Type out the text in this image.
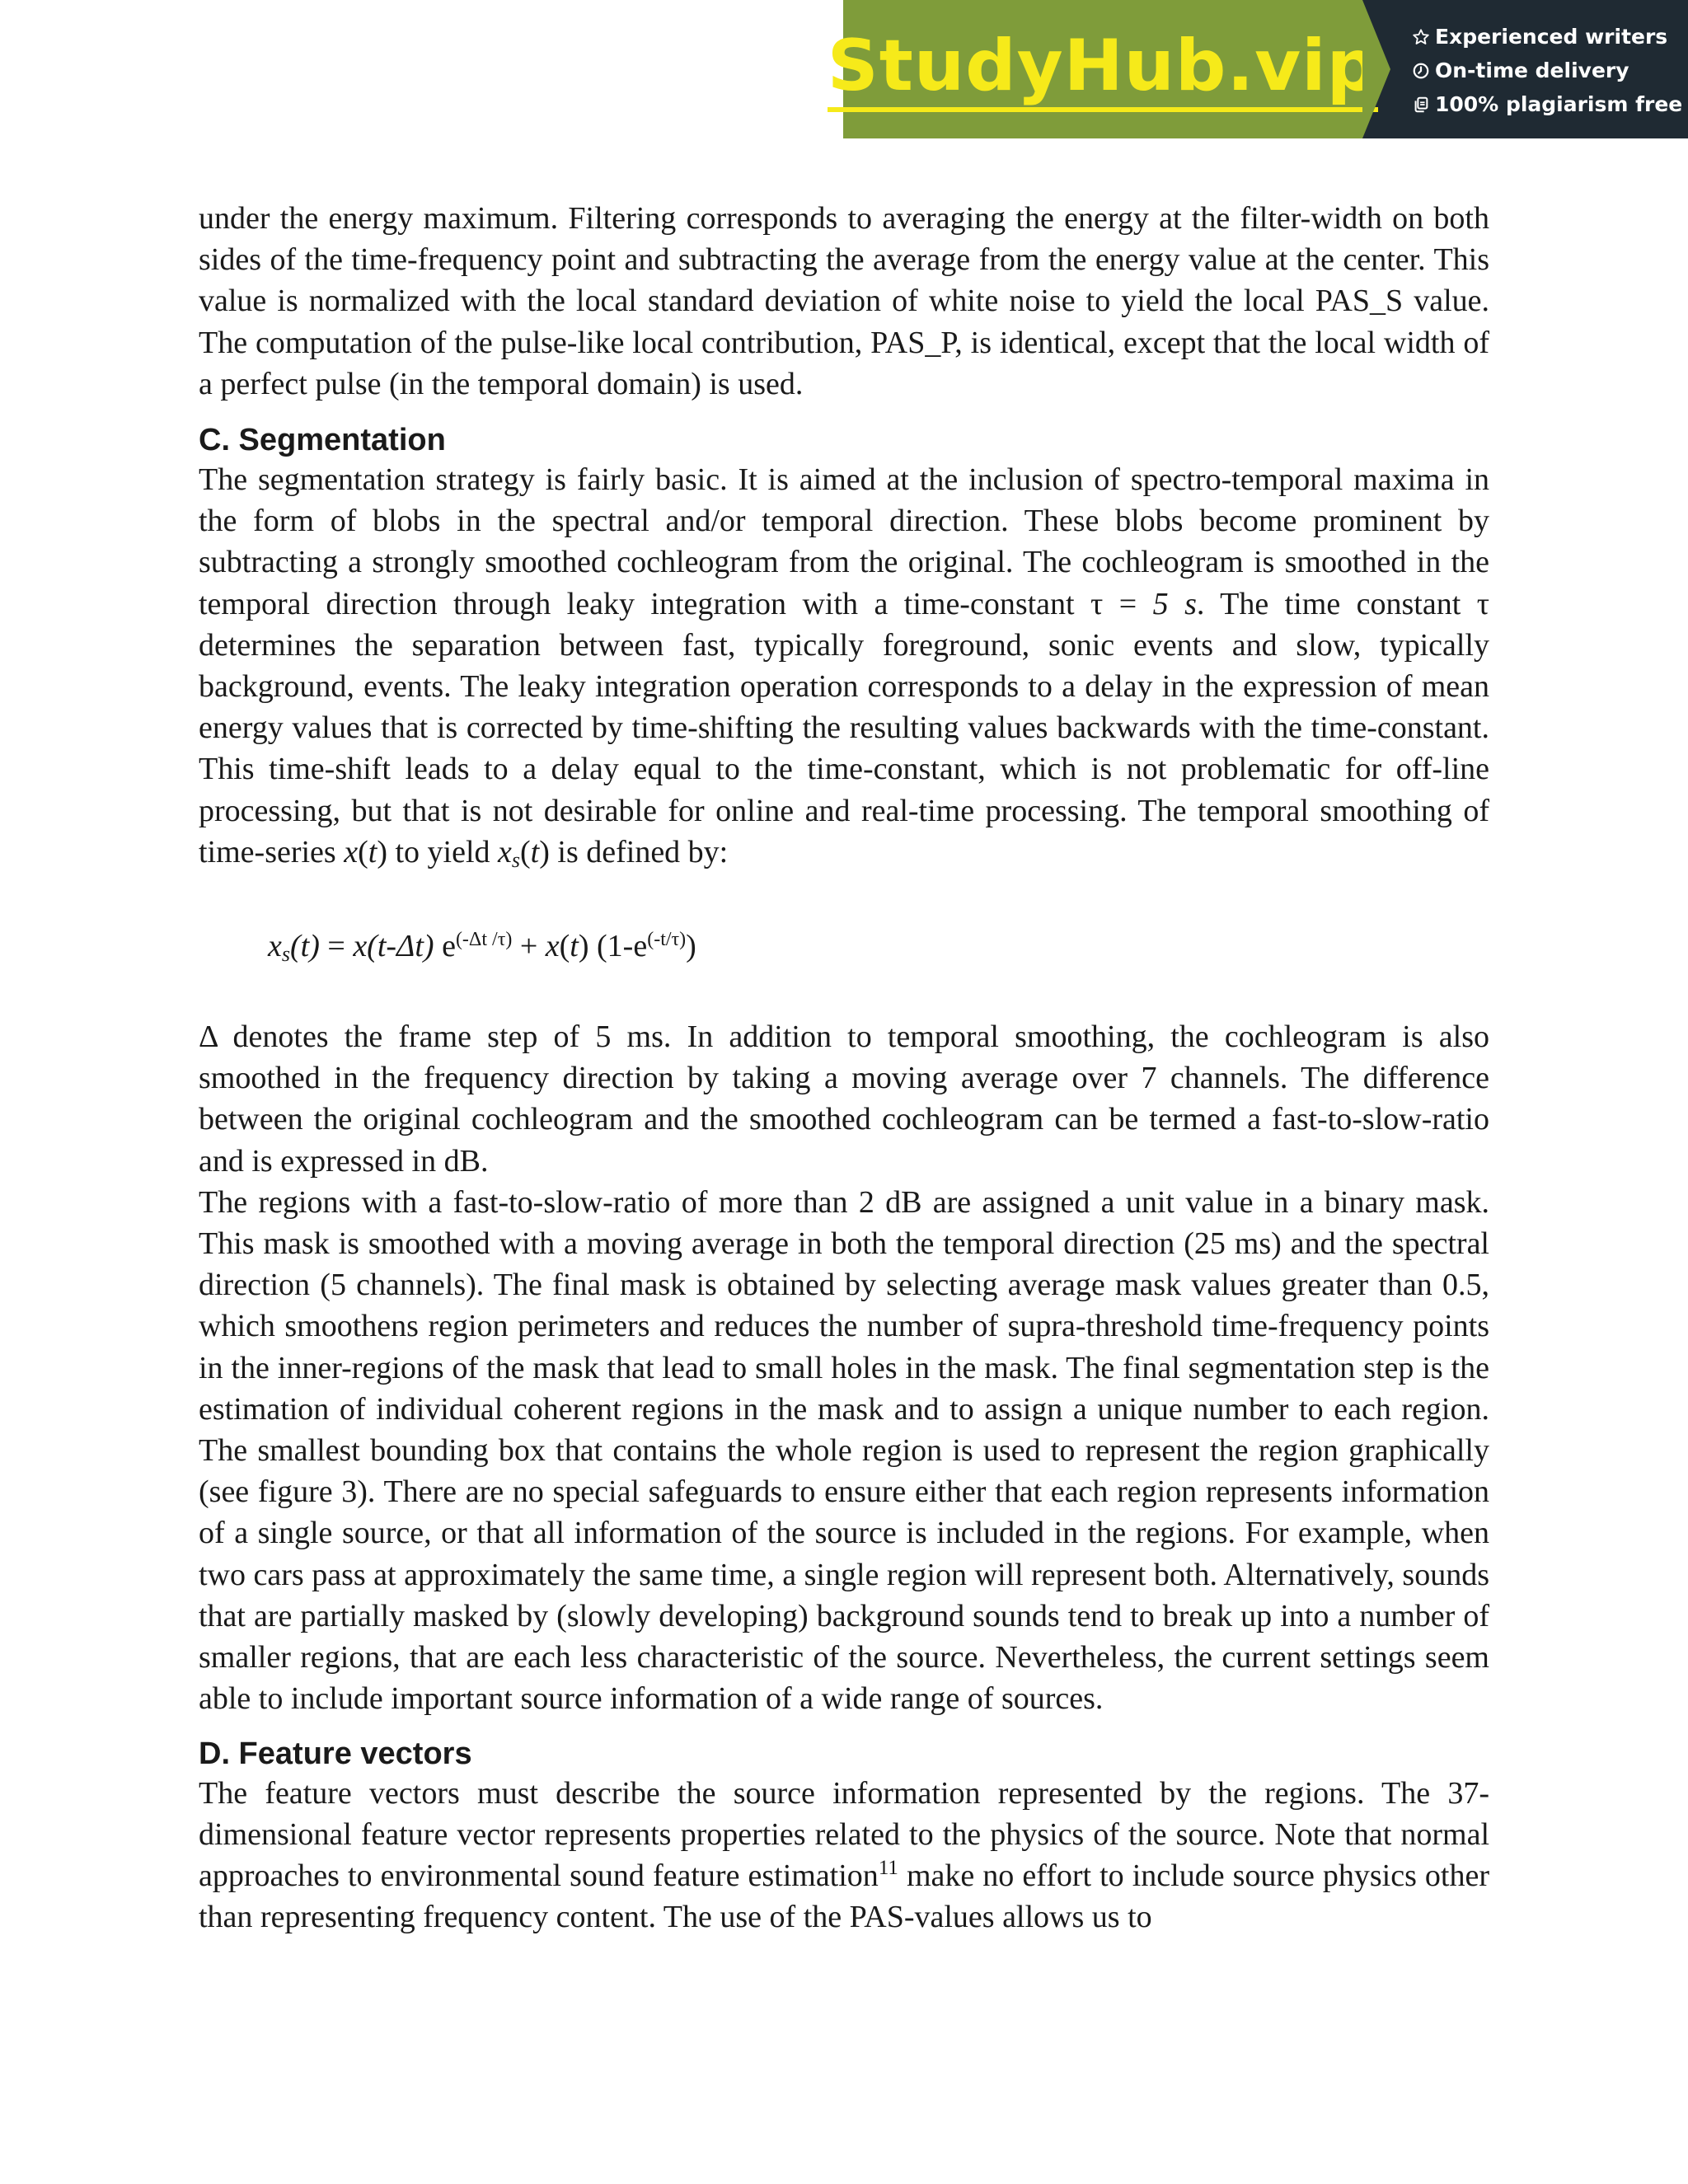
StudyHub.vip	Experienced writers
On-time delivery
100% plagiarism free

under the energy maximum. Filtering corresponds to averaging the energy at the filter-width on both sides of the time-frequency point and subtracting the average from the energy value at the center. This value is normalized with the local standard deviation of white noise to yield the local PAS_S value. The computation of the pulse-like local contribution, PAS_P, is identical, except that the local width of a perfect pulse (in the temporal domain) is used.

C. Segmentation

The segmentation strategy is fairly basic. It is aimed at the inclusion of spectro-temporal maxima in the form of blobs in the spectral and/or temporal direction. These blobs become prominent by subtracting a strongly smoothed cochleogram from the original. The cochleogram is smoothed in the temporal direction through leaky integration with a time-constant τ = 5 s. The time constant τ determines the separation between fast, typically foreground, sonic events and slow, typically background, events. The leaky integration operation corresponds to a delay in the expression of mean energy values that is corrected by time-shifting the resulting values backwards with the time-constant. This time-shift leads to a delay equal to the time-constant, which is not problematic for off-line processing, but that is not desirable for online and real-time processing. The temporal smoothing of time-series x(t) to yield $x_s(t)$ is defined by:

$x_s(t) = x(t-\Delta t) e^{(-\Delta t /\tau)} + x(t)$ $(1-e^{(-t/\tau)})$

Δ denotes the frame step of 5 ms. In addition to temporal smoothing, the cochleogram is also smoothed in the frequency direction by taking a moving average over 7 channels. The difference between the original cochleogram and the smoothed cochleogram can be termed a fast-to-slow-ratio and is expressed in dB.

The regions with a fast-to-slow-ratio of more than 2 dB are assigned a unit value in a binary mask. This mask is smoothed with a moving average in both the temporal direction (25 ms) and the spectral direction (5 channels). The final mask is obtained by selecting average mask values greater than 0.5, which smoothens region perimeters and reduces the number of supra-threshold time-frequency points in the inner-regions of the mask that lead to small holes in the mask. The final segmentation step is the estimation of individual coherent regions in the mask and to assign a unique number to each region. The smallest bounding box that contains the whole region is used to represent the region graphically (see figure 3). There are no special safeguards to ensure either that each region represents information of a single source, or that all information of the source is included in the regions. For example, when two cars pass at approximately the same time, a single region will represent both. Alternatively, sounds that are partially masked by (slowly developing) background sounds tend to break up into a number of smaller regions, that are each less characteristic of the source. Nevertheless, the current settings seem able to include important source information of a wide range of sources.

D. Feature vectors

The feature vectors must describe the source information represented by the regions. The 37-dimensional feature vector represents properties related to the physics of the source. Note that normal approaches to environmental sound feature estimation$^{11}$ make no effort to include source physics other than representing frequency content. The use of the PAS-values allows us to
